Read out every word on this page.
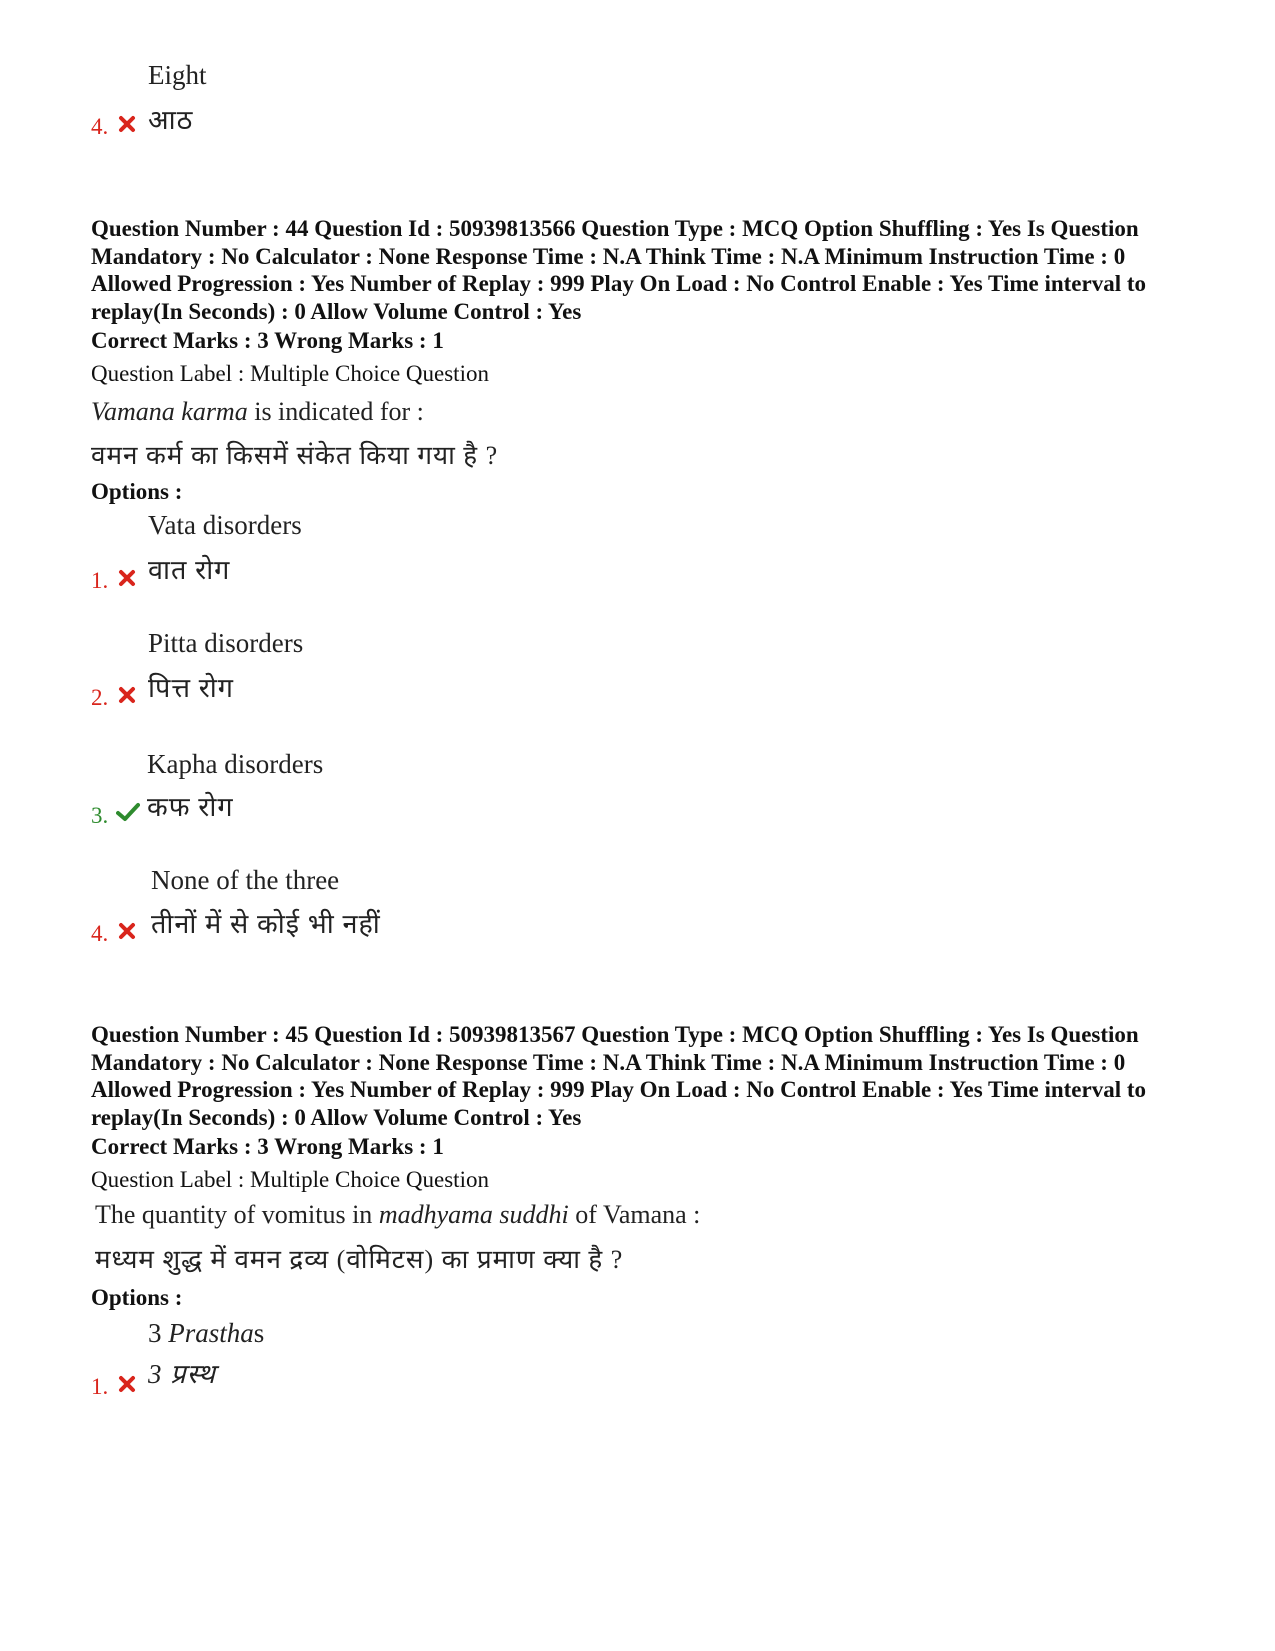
Eight
4. आठ
Question Number : 44 Question Id : 50939813566 Question Type : MCQ Option Shuffling : Yes Is Question Mandatory : No Calculator : None Response Time : N.A Think Time : N.A Minimum Instruction Time : 0 Allowed Progression : Yes Number of Replay : 999 Play On Load : No Control Enable : Yes Time interval to replay(In Seconds) : 0 Allow Volume Control : Yes
Correct Marks : 3 Wrong Marks : 1
Question Label : Multiple Choice Question
Vamana karma is indicated for :
वमन कर्म का किसमें संकेत किया गया है ?
Options :
Vata disorders
1. वात रोग
Pitta disorders
2. पित्त रोग
Kapha disorders
3. कफ रोग
None of the three
4. तीनों में से कोई भी नहीं
Question Number : 45 Question Id : 50939813567 Question Type : MCQ Option Shuffling : Yes Is Question Mandatory : No Calculator : None Response Time : N.A Think Time : N.A Minimum Instruction Time : 0 Allowed Progression : Yes Number of Replay : 999 Play On Load : No Control Enable : Yes Time interval to replay(In Seconds) : 0 Allow Volume Control : Yes
Correct Marks : 3 Wrong Marks : 1
Question Label : Multiple Choice Question
The quantity of vomitus in madhyama suddhi of Vamana :
मध्यम शुद्ध में वमन द्रव्य (वोमिटस) का प्रमाण क्या है ?
Options :
3 Prasthas
1. 3 प्रस्थ
